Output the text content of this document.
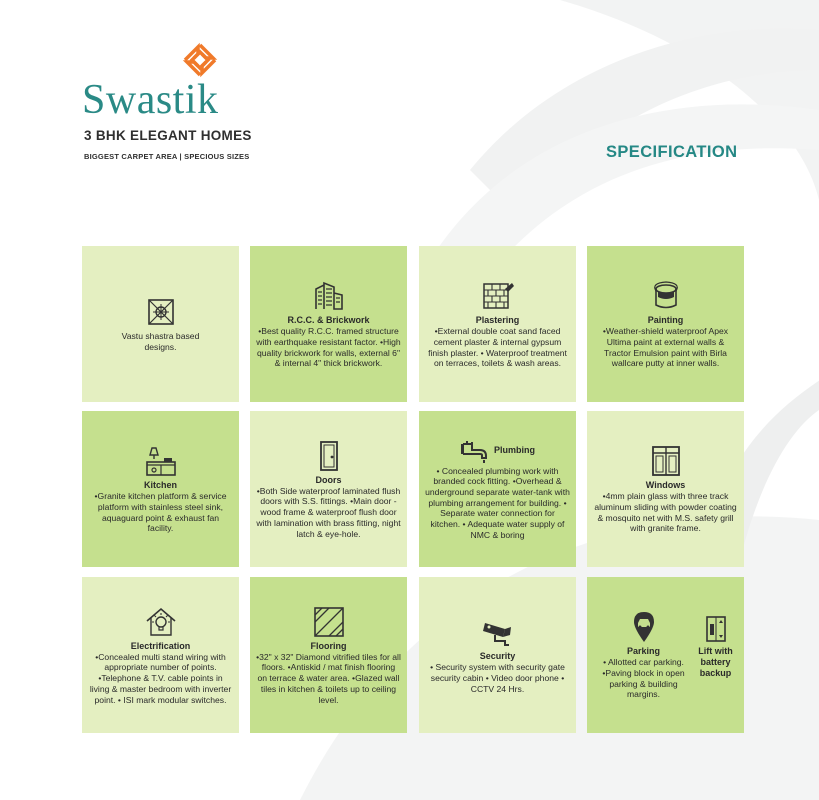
Swastik
3 BHK ELEGANT HOMES
BIGGEST CARPET AREA | SPECIOUS SIZES	SPECIFICATION
Vastu shastra based designs.
R.C.C. & Brickwork
•Best quality R.C.C. framed structure with earthquake resistant factor. •High quality brickwork for walls, external 6" & internal 4" thick brickwork.
Plastering
•External double coat sand faced cement plaster & internal gypsum finish plaster. • Waterproof treatment on terraces, toilets & wash areas.
Painting
•Weather-shield waterproof Apex Ultima paint at external walls & Tractor Emulsion paint with Birla wallcare putty at inner walls.
Kitchen
•Granite kitchen platform & service platform with stainless steel sink, aquaguard point & exhaust fan facility.
Doors
•Both Side waterproof laminated flush doors with S.S. fittings. •Main door - wood frame & waterproof flush door with lamination with brass fitting, night latch & eye-hole.
Plumbing
• Concealed plumbing work with branded cock fitting. •Overhead & underground separate water-tank with plumbing arrangement for building. • Separate water connection for kitchen. • Adequate water supply of NMC & boring
Windows
•4mm plain glass with three track aluminum sliding with powder coating & mosquito net with M.S. safety grill with granite frame.
Electrification
•Concealed multi stand wiring with appropriate number of points. •Telephone & T.V. cable points in living & master bedroom with inverter point. • ISI mark modular switches.
Flooring
•32" x 32" Diamond vitrified tiles for all floors. •Antiskid / mat finish flooring on terrace & water area. •Glazed wall tiles in kitchen & toilets up to ceiling level.
Security
• Security system with security gate security cabin • Video door phone • CCTV 24 Hrs.
Parking
• Allotted car parking. •Paving block in open parking & building margins.
Lift with battery backup
